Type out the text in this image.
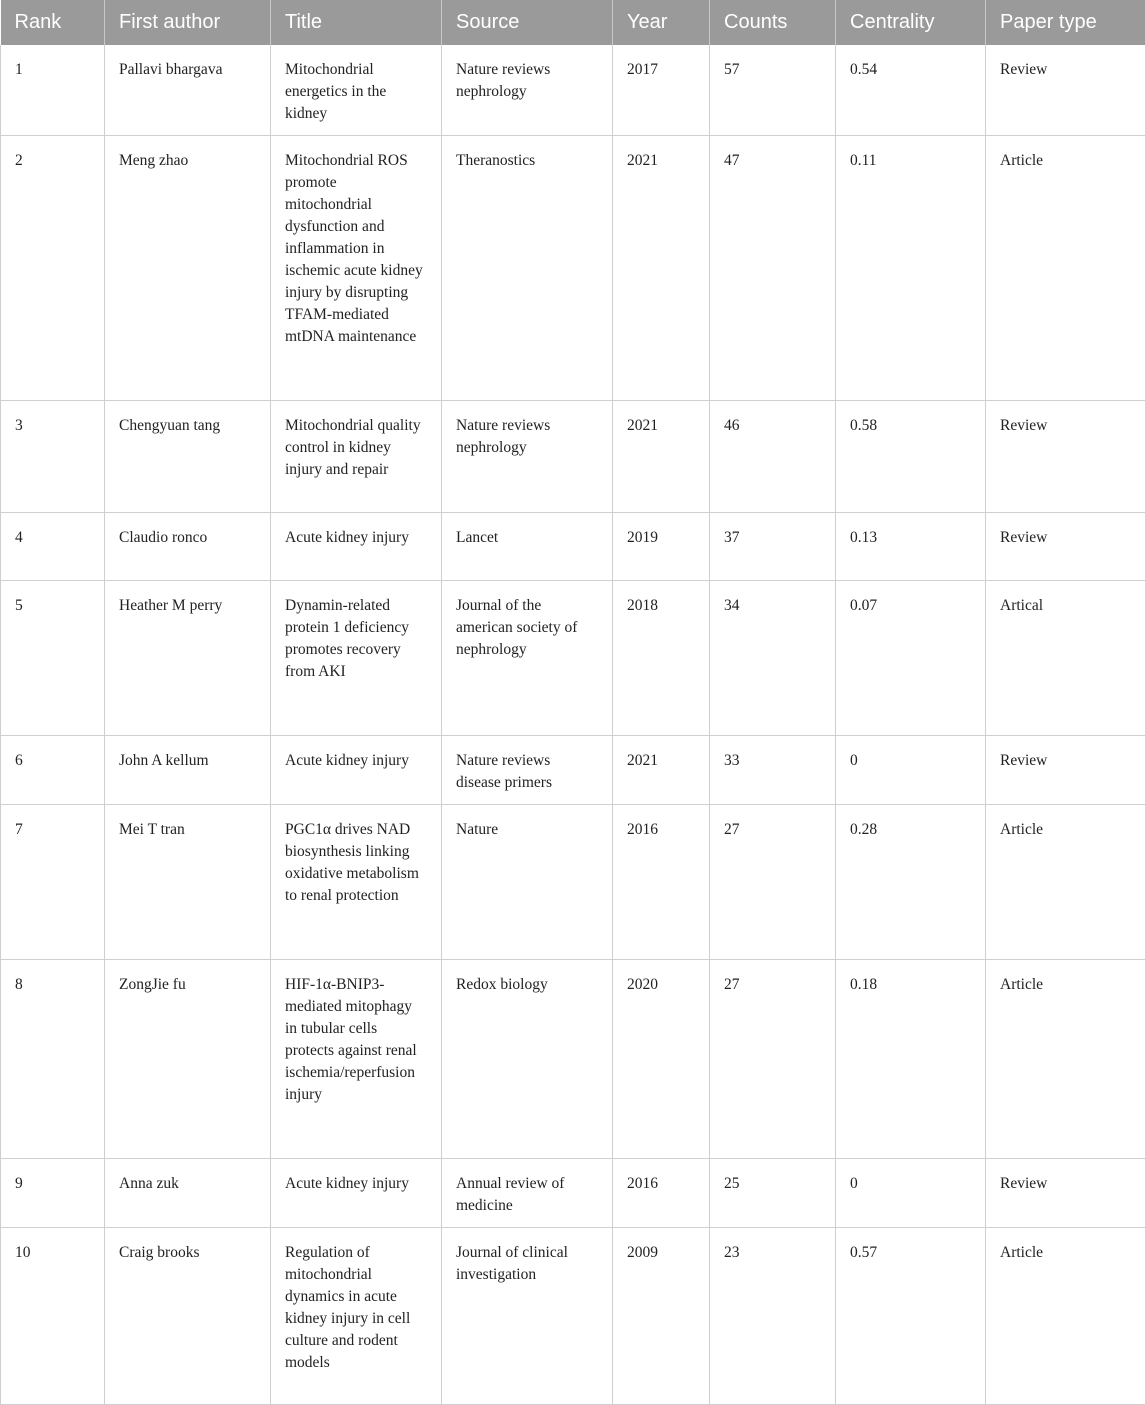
Rank	First author	Title	Source	Year	Counts	Centrality	Paper type
1	Pallavi bhargava	Mitochondrial energetics in the kidney	Nature reviews nephrology	2017	57	0.54	Review
2	Meng zhao	Mitochondrial ROS promote mitochondrial dysfunction and inflammation in ischemic acute kidney injury by disrupting TFAM-mediated mtDNA maintenance	Theranostics	2021	47	0.11	Article
3	Chengyuan tang	Mitochondrial quality control in kidney injury and repair	Nature reviews nephrology	2021	46	0.58	Review
4	Claudio ronco	Acute kidney injury	Lancet	2019	37	0.13	Review
5	Heather M perry	Dynamin-related protein 1 deficiency promotes recovery from AKI	Journal of the american society of nephrology	2018	34	0.07	Artical
6	John A kellum	Acute kidney injury	Nature reviews disease primers	2021	33	0	Review
7	Mei T tran	PGC1α drives NAD biosynthesis linking oxidative metabolism to renal protection	Nature	2016	27	0.28	Article
8	ZongJie fu	HIF-1α-BNIP3-mediated mitophagy in tubular cells protects against renal ischemia/reperfusion injury	Redox biology	2020	27	0.18	Article
9	Anna zuk	Acute kidney injury	Annual review of medicine	2016	25	0	Review
10	Craig brooks	Regulation of mitochondrial dynamics in acute kidney injury in cell culture and rodent models	Journal of clinical investigation	2009	23	0.57	Article
